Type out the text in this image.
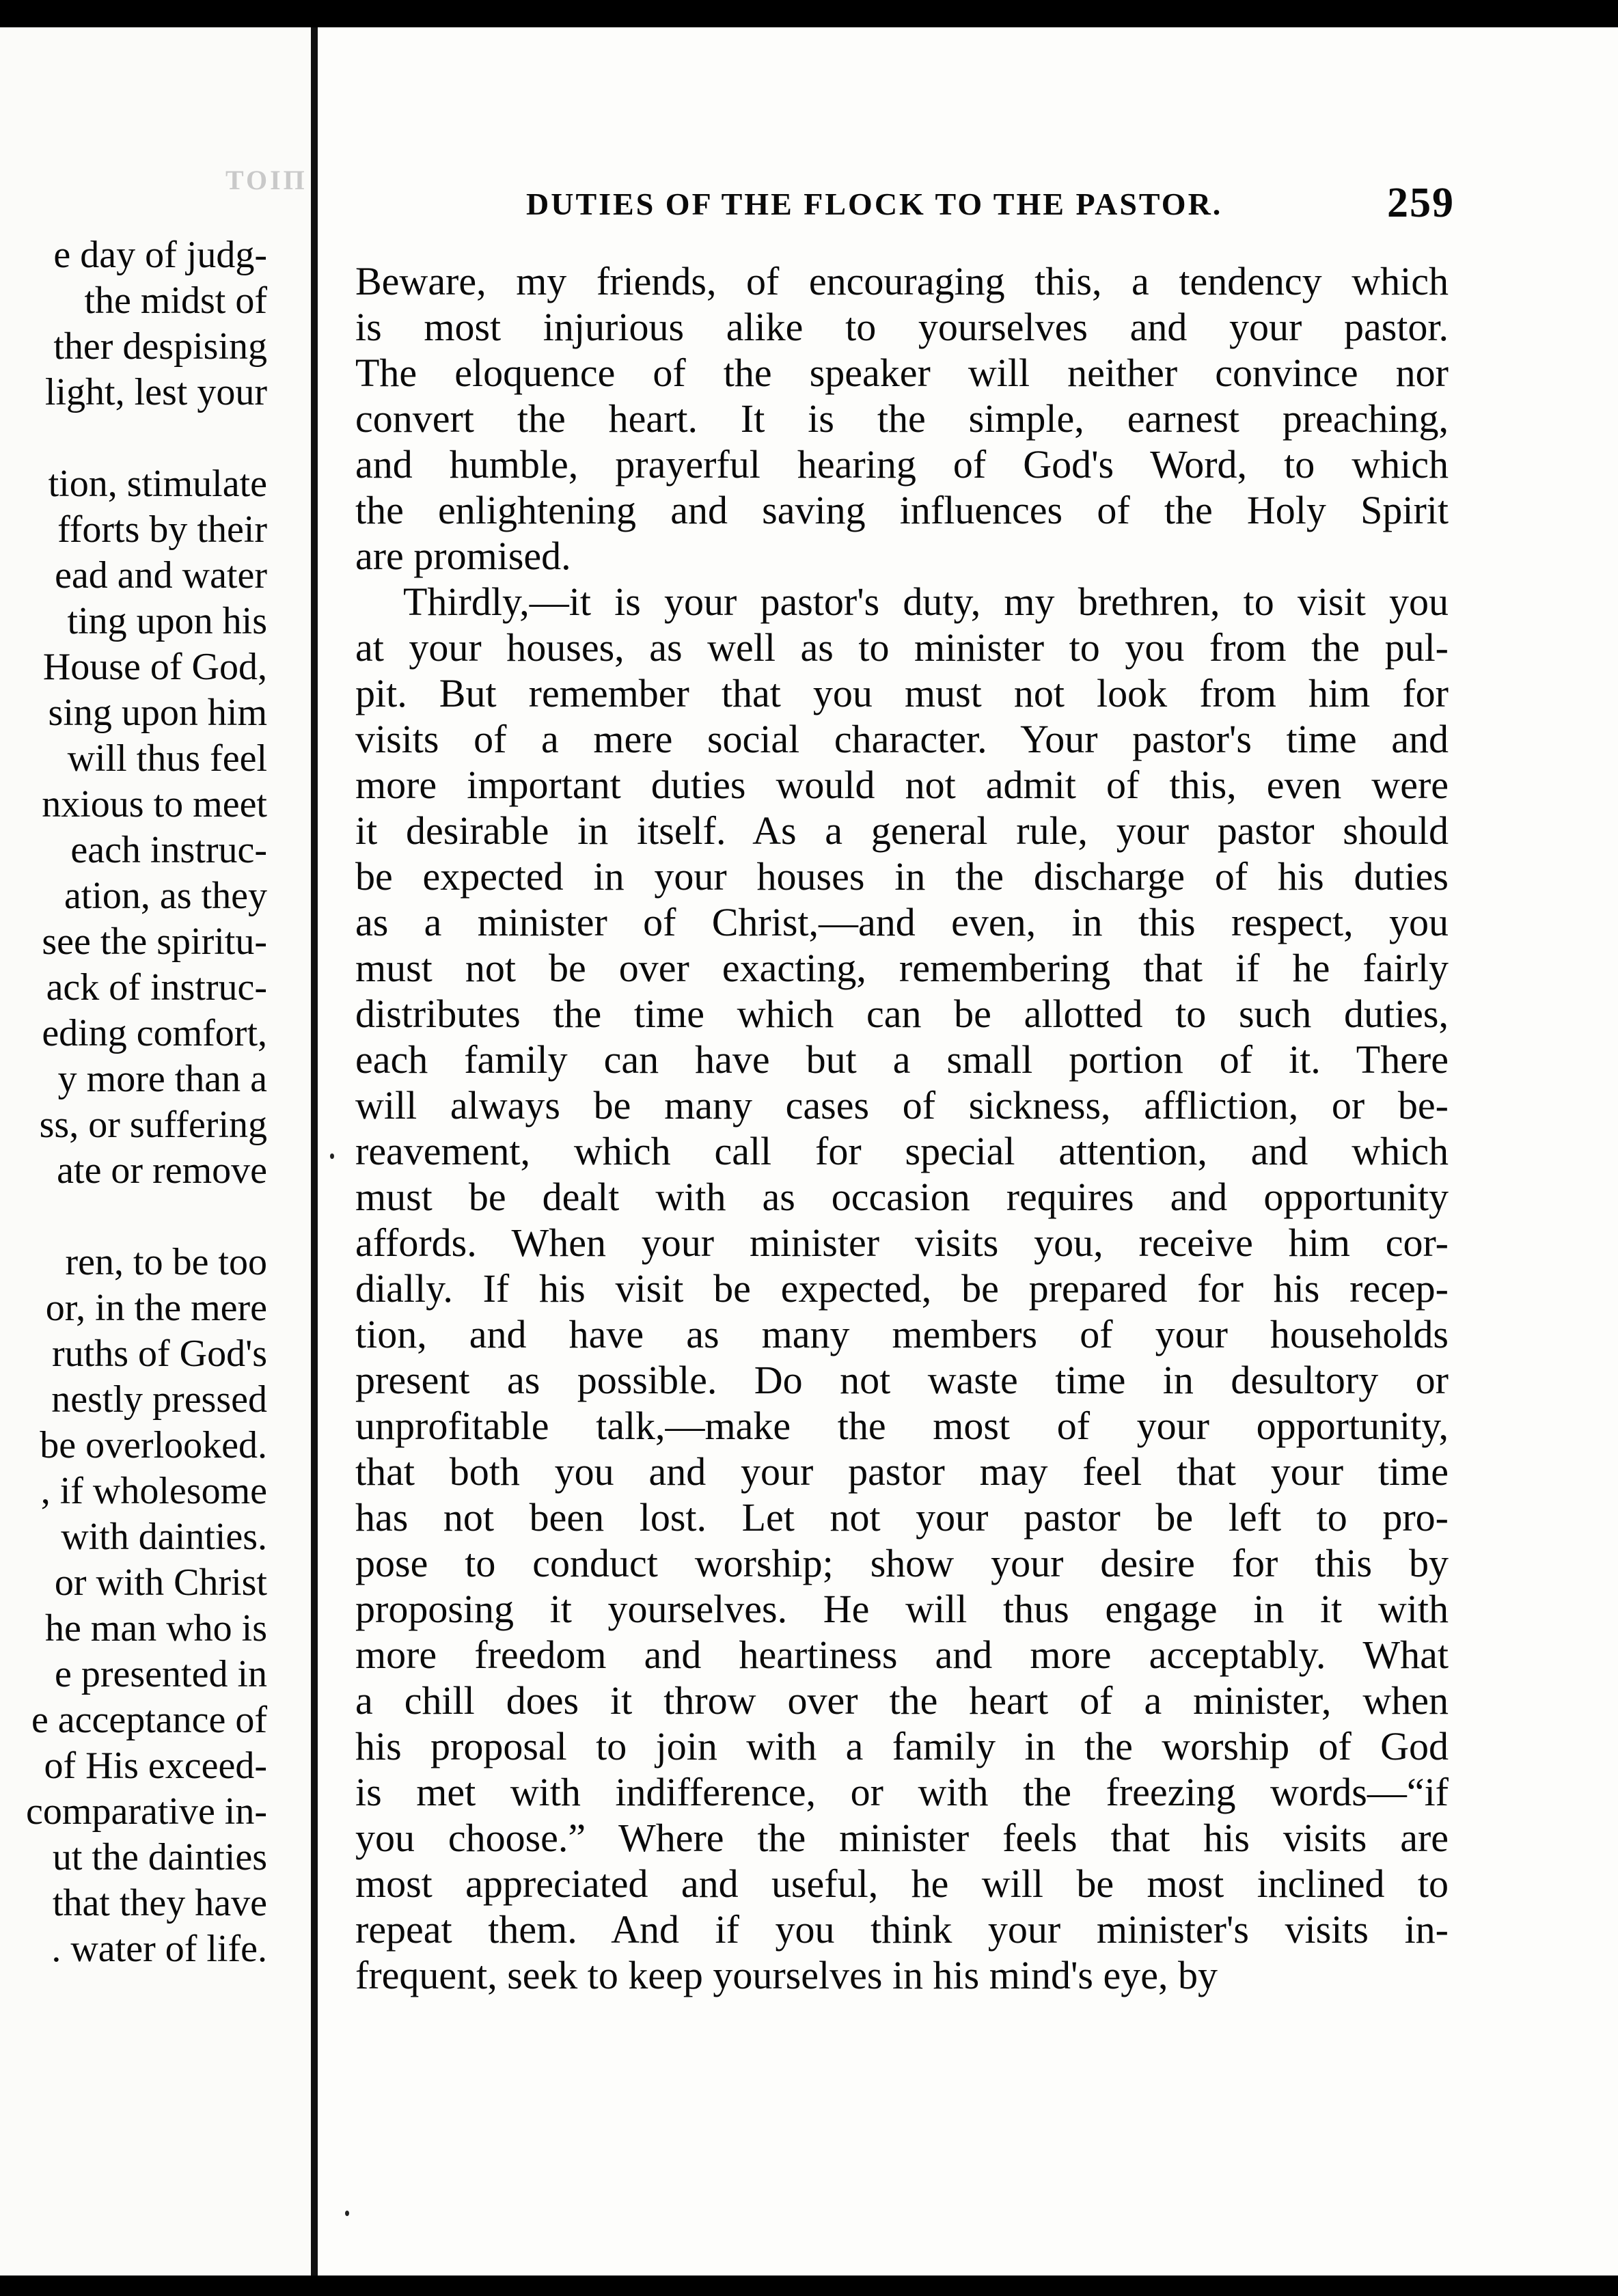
ΤΟΙΠ
e day of judg-
the midst of
ther despising
light, lest your
tion, stimulate
fforts by their
ead and water
ting upon his
House of God,
sing upon him
will thus feel
nxious to meet
each instruc-
ation, as they
see the spiritu-
ack of instruc-
eding comfort,
y more than a
ss, or suffering
ate or remove
ren, to be too
or, in the mere
ruths of God's
nestly pressed
be overlooked.
, if wholesome
with dainties.
or with Christ
he man who is
e presented in
e acceptance of
of His exceed-
comparative in-
ut the dainties
that they have
. water of life.
DUTIES OF THE FLOCK TO THE PASTOR.	259
Beware, my friends, of encouraging this, a tendency which
is most injurious alike to yourselves and your pastor.
The eloquence of the speaker will neither convince nor
convert the heart. It is the simple, earnest preaching,
and humble, prayerful hearing of God's Word, to which
the enlightening and saving influences of the Holy Spirit
are promised.
Thirdly,—it is your pastor's duty, my brethren, to visit you
at your houses, as well as to minister to you from the pul-
pit. But remember that you must not look from him for
visits of a mere social character. Your pastor's time and
more important duties would not admit of this, even were
it desirable in itself. As a general rule, your pastor should
be expected in your houses in the discharge of his duties
as a minister of Christ,—and even, in this respect, you
must not be over exacting, remembering that if he fairly
distributes the time which can be allotted to such duties,
each family can have but a small portion of it. There
will always be many cases of sickness, affliction, or be-
reavement, which call for special attention, and which
must be dealt with as occasion requires and opportunity
affords. When your minister visits you, receive him cor-
dially. If his visit be expected, be prepared for his recep-
tion, and have as many members of your households
present as possible. Do not waste time in desultory or
unprofitable talk,—make the most of your opportunity,
that both you and your pastor may feel that your time
has not been lost. Let not your pastor be left to pro-
pose to conduct worship; show your desire for this by
proposing it yourselves. He will thus engage in it with
more freedom and heartiness and more acceptably. What
a chill does it throw over the heart of a minister, when
his proposal to join with a family in the worship of God
is met with indifference, or with the freezing words—“if
you choose.” Where the minister feels that his visits are
most appreciated and useful, he will be most inclined to
repeat them. And if you think your minister's visits in-
frequent, seek to keep yourselves in his mind's eye, by
